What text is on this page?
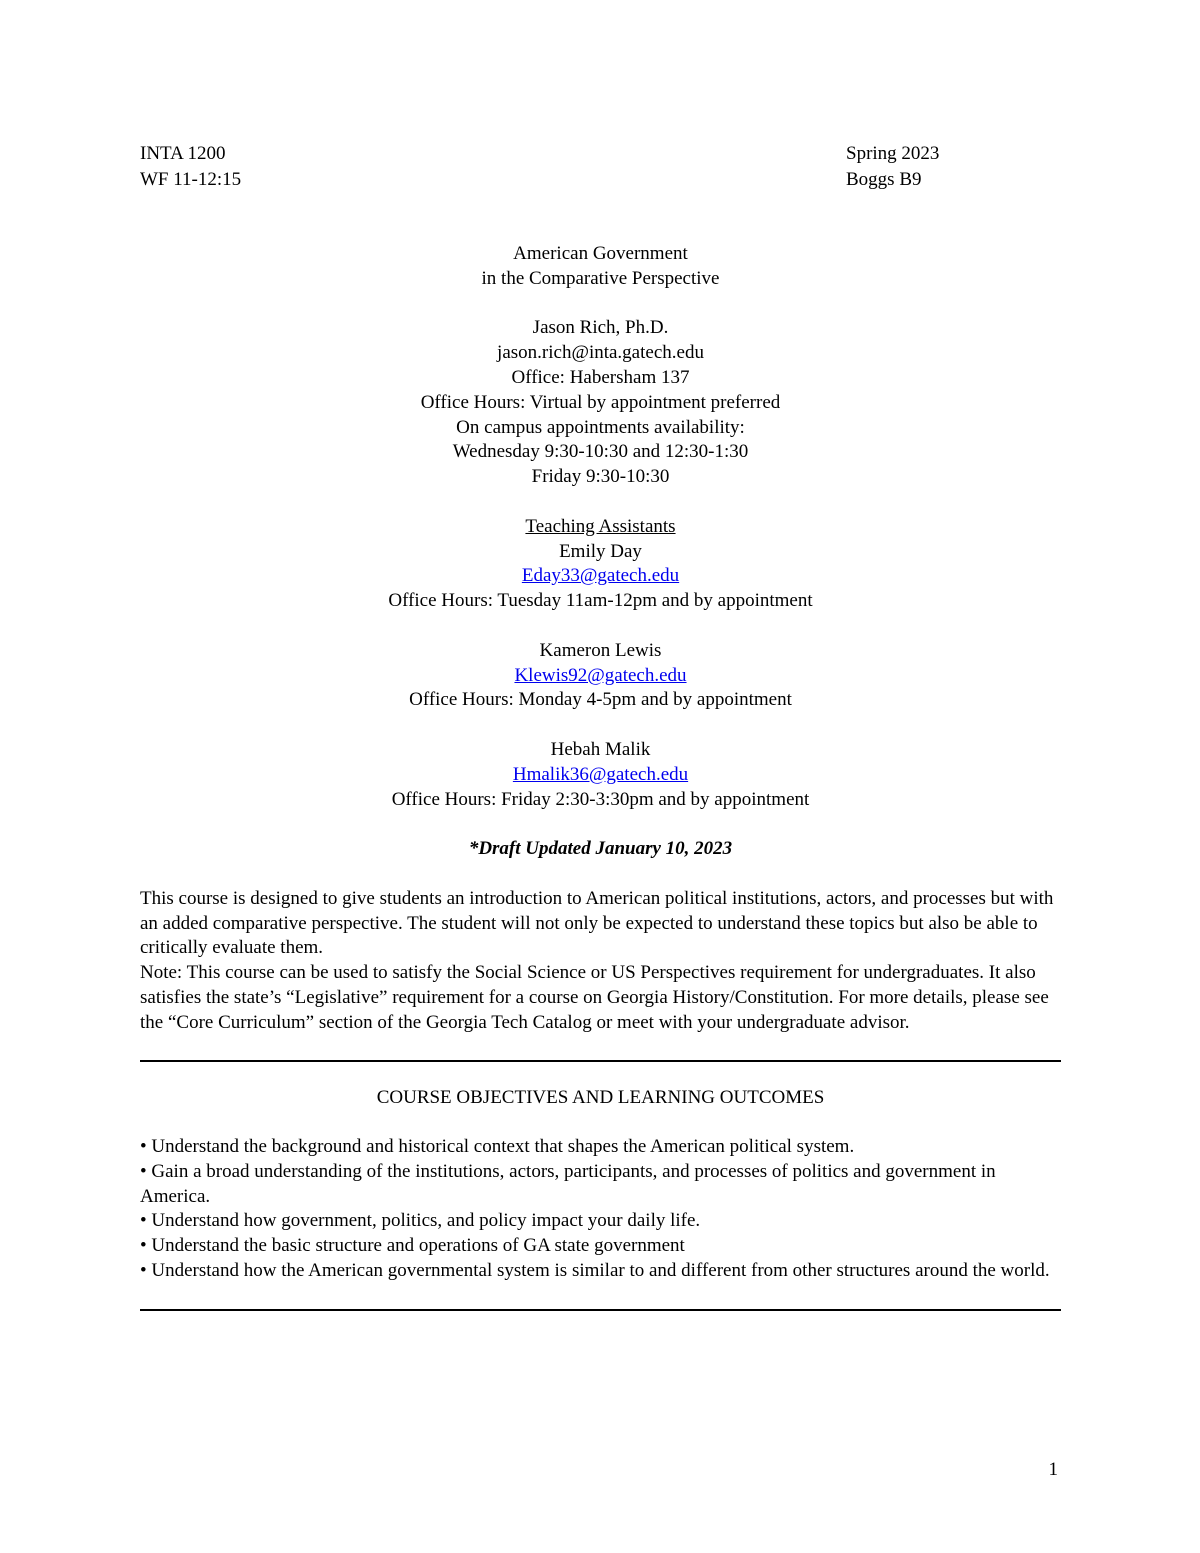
INTA 1200	Spring 2023
WF 11-12:15	Boggs B9
American Government
in the Comparative Perspective
Jason Rich, Ph.D.
jason.rich@inta.gatech.edu
Office: Habersham 137
Office Hours: Virtual by appointment preferred
On campus appointments availability:
Wednesday 9:30-10:30 and 12:30-1:30
Friday 9:30-10:30
Teaching Assistants
Emily Day
Eday33@gatech.edu
Office Hours: Tuesday 11am-12pm and by appointment
Kameron Lewis
Klewis92@gatech.edu
Office Hours: Monday 4-5pm and by appointment
Hebah Malik
Hmalik36@gatech.edu
Office Hours: Friday 2:30-3:30pm and by appointment
*Draft Updated January 10, 2023
This course is designed to give students an introduction to American political institutions, actors, and processes but with an added comparative perspective. The student will not only be expected to understand these topics but also be able to critically evaluate them.
Note: This course can be used to satisfy the Social Science or US Perspectives requirement for undergraduates. It also satisfies the state’s “Legislative” requirement for a course on Georgia History/Constitution. For more details, please see the “Core Curriculum” section of the Georgia Tech Catalog or meet with your undergraduate advisor.
COURSE OBJECTIVES AND LEARNING OUTCOMES
• Understand the background and historical context that shapes the American political system.
• Gain a broad understanding of the institutions, actors, participants, and processes of politics and government in America.
• Understand how government, politics, and policy impact your daily life.
• Understand the basic structure and operations of GA state government
• Understand how the American governmental system is similar to and different from other structures around the world.
1
